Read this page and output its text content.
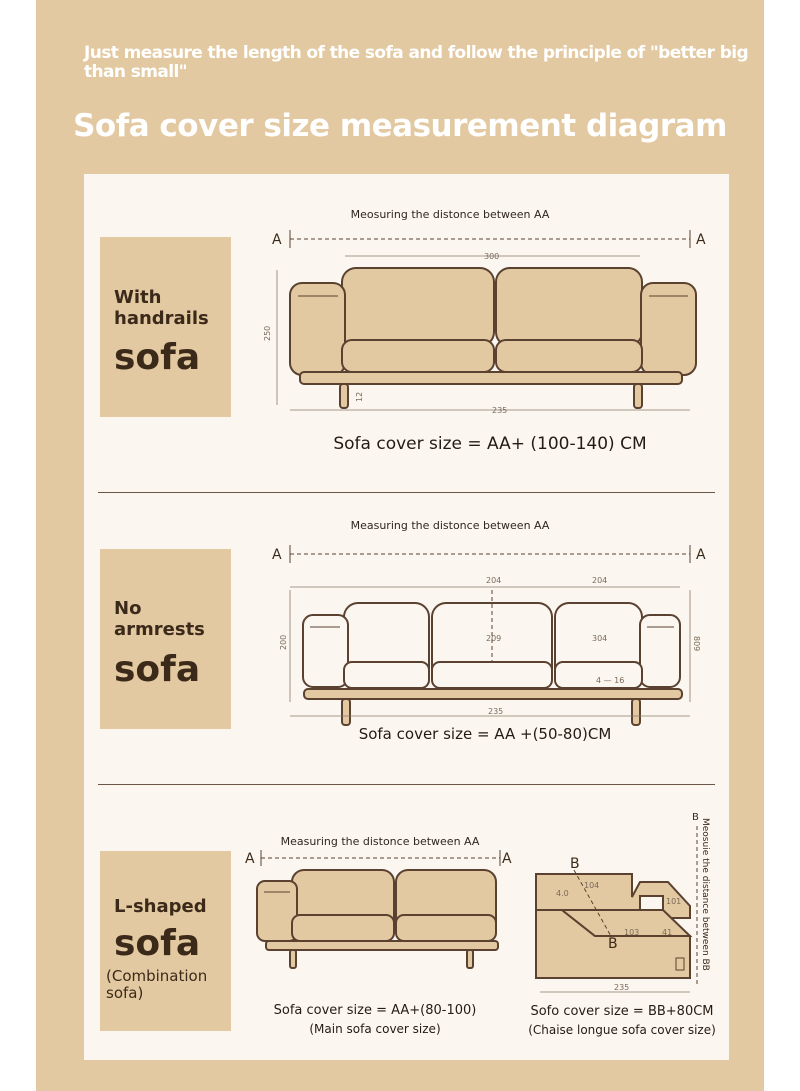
Just measure the length of the sofa and follow the principle of "better big than small"
Sofa cover size measurement diagram
With handrails
sofa
No armrests
sofa
L-shaped
sofa
(Combination sofa)
Meosuring the distonce between AA
Measuring the distonce between AA
Measuring the distonce between AA
Sofa cover size = AA+ (100-140) CM
Sofa cover size = AA +(50-80)CM
Sofa cover size = AA+(80-100)
(Main sofa cover size)
Sofo cover size = BB+80CM
(Chaise longue sofa cover size)
A	A
300
250
12
235
A	A
204	204
200	809
209	304
4 — 16
235
A	A
B
Meosuie the distance between BB
B
B
4.0
104
101
103	41
235
